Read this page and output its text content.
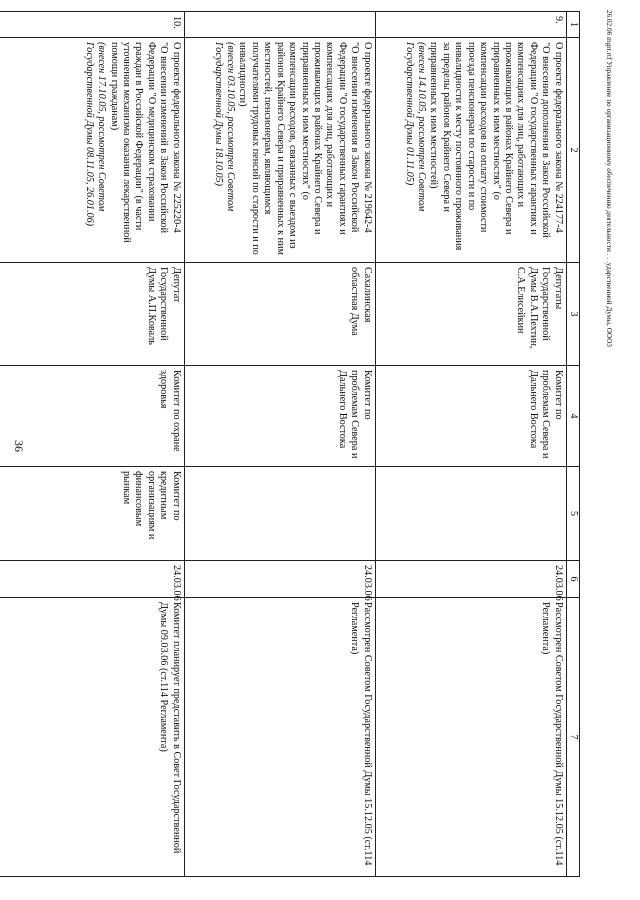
36
26.02.06 mgrr.rtf Управление по организационному обеспечению деятельности . . .ударственной Думы, ООО3
1	2	3	4	5	6	7
9.	О проекте федерального закона № 224177-4
"О внесении дополнения в Закон Российской Федерации "О государственных гарантиях и компенсациях для лиц, работающих и проживающих в районах Крайнего Севера и приравненных к ним местностях" (о компенсации расходов на оплату стоимости проезда пенсионерам по старости и по инвалидности к месту постоянного проживания за пределы районов Крайнего Севера и приравненных к ним местностей)
(внесен 14.10.05, рассмотрен Советом Государственной Думы 01.11.05)	Депутаты Государственной Думы В.А.Пехтин, С.А.Елисейкин	Комитет по проблемам Севера и Дальнего Востока		24.03.06	Рассмотрен Советом Государственной Думы 15.12.05 (ст.114 Регламента)

	О проекте федерального закона № 219642-4
"О внесении изменения в Закон Российской Федерации "О государственных гарантиях и компенсациях для лиц, работающих и проживающих в районах Крайнего Севера и приравненных к ним местностях" (о компенсации расходов, связанных с выездом из районов Крайнего Севера и приравненных к ним местностей, пенсионерам, являющимся получателями трудовых пенсий по старости и по инвалидности)
(внесен 03.10.05, рассмотрен Советом Государственной Думы 18.10.05)	Сахалинская областная Дума	Комитет по проблемам Севера и Дальнего Востока		24.03.06	Рассмотрен Советом Государственной Думы 15.12.05 (ст.114 Регламента)
10.	О проекте федерального закона № 225220-4
"О внесении изменений в Закон Российской Федерации "О медицинском страховании граждан в Российской Федерации" (в части уточнения механизма оказания лекарственной помощи гражданам)
(внесен 17.10.05, рассмотрен Советом Государственной Думы 08.11.05, 26.01.06)	Депутат Государственной Думы А.П.Коваль	Комитет по охране здоровья	Комитет по кредитным организациям и финансовым рынкам	24.03.06	Комитет планирует представить в Совет Государственной Думы 09.03.06 (ст.114 Регламента)
